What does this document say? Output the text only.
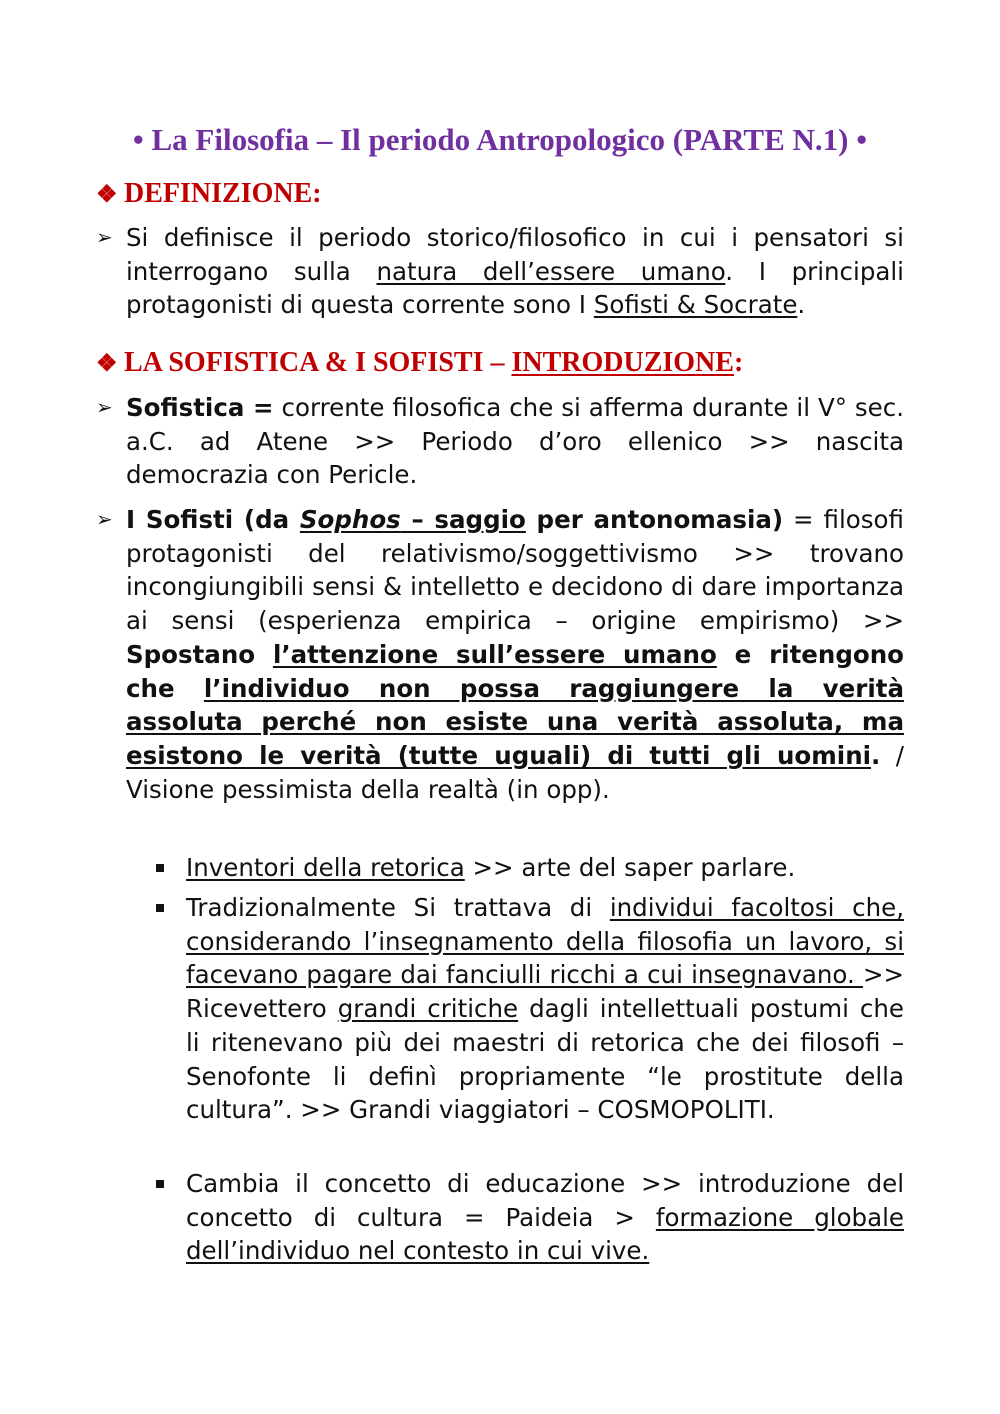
• La Filosofia – Il periodo Antropologico (PARTE N.1) •
❖ DEFINIZIONE:
➢ Si definisce il periodo storico/filosofico in cui i pensatori si interrogano sulla natura dell’essere umano. I principali protagonisti di questa corrente sono I Sofisti & Socrate.
❖ LA SOFISTICA & I SOFISTI – INTRODUZIONE:
➢ Sofistica = corrente filosofica che si afferma durante il V° sec. a.C. ad Atene >> Periodo d’oro ellenico >> nascita democrazia con Pericle.
➢ I Sofisti (da Sophos – saggio per antonomasia) = filosofi protagonisti del relativismo/soggettivismo >> trovano incongiungibili sensi & intelletto e decidono di dare importanza ai sensi (esperienza empirica – origine empirismo) >> Spostano l’attenzione sull’essere umano e ritengono che l’individuo non possa raggiungere la verità assoluta perché non esiste una verità assoluta, ma esistono le verità (tutte uguali) di tutti gli uomini. / Visione pessimista della realtà (in opp).
Inventori della retorica >> arte del saper parlare.
Tradizionalmente Si trattava di individui facoltosi che, considerando l’insegnamento della filosofia un lavoro, si facevano pagare dai fanciulli ricchi a cui insegnavano. >> Ricevettero grandi critiche dagli intellettuali postumi che li ritenevano più dei maestri di retorica che dei filosofi – Senofonte li definì propriamente “le prostitute della cultura”. >> Grandi viaggiatori – COSMOPOLITI.
Cambia il concetto di educazione >> introduzione del concetto di cultura = Paideia > formazione globale dell’individuo nel contesto in cui vive.
